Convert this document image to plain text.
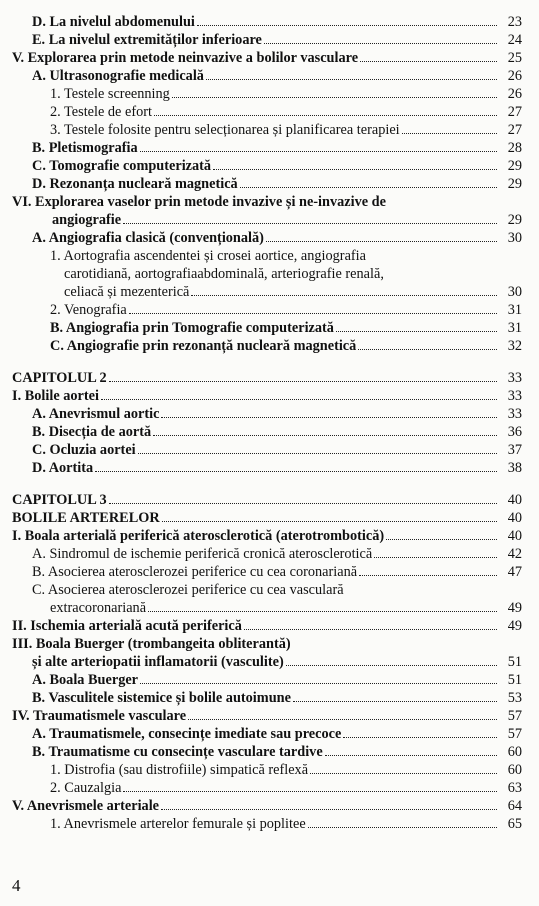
D. La nivelul abdomenului	23
E. La nivelul extremităților inferioare	24
V. Explorarea prin metode neinvazive a bolilor vasculare	25
A. Ultrasonografie medicală	26
1. Testele screenning	26
2. Testele de efort	27
3. Testele folosite pentru selecționarea și planificarea terapiei	27
B. Pletismografia	28
C. Tomografie computerizată	29
D. Rezonanța nucleară magnetică	29
VI. Explorarea vaselor prin metode invazive și ne-invazive de
angiografie	29
A. Angiografia clasică (convențională)	30
1. Aortografia ascendentei și crosei aortice, angiografia
carotidiană, aortografiaabdominală, arteriografie renală,
celiacă și mezenterică	30
2. Venografia	31
B. Angiografia prin Tomografie computerizată	31
C. Angiografie prin rezonanță nucleară magnetică	32
CAPITOLUL 2	33
I. Bolile aortei	33
A. Anevrismul aortic	33
B. Disecția de aortă	36
C. Ocluzia aortei	37
D. Aortita	38
CAPITOLUL 3	40
BOLILE ARTERELOR	40
I. Boala arterială periferică aterosclerotică (aterotrombotică)	40
A. Sindromul de ischemie periferică cronică aterosclerotică	42
B. Asocierea aterosclerozei periferice cu cea coronariană	47
C. Asocierea aterosclerozei periferice cu cea vasculară
extracoronariană	49
II. Ischemia arterială acută periferică	49
III. Boala Buerger (trombangeita obliterantă)
și alte arteriopatii inflamatorii (vasculite)	51
A. Boala Buerger	51
B. Vasculitele sistemice și bolile autoimune	53
IV. Traumatismele vasculare	57
A. Traumatismele, consecințe imediate sau precoce	57
B. Traumatisme cu consecințe vasculare tardive	60
1. Distrofia (sau distrofiile) simpatică reflexă	60
2. Cauzalgia	63
V. Anevrismele arteriale	64
1. Anevrismele arterelor femurale și poplitee	65
4
